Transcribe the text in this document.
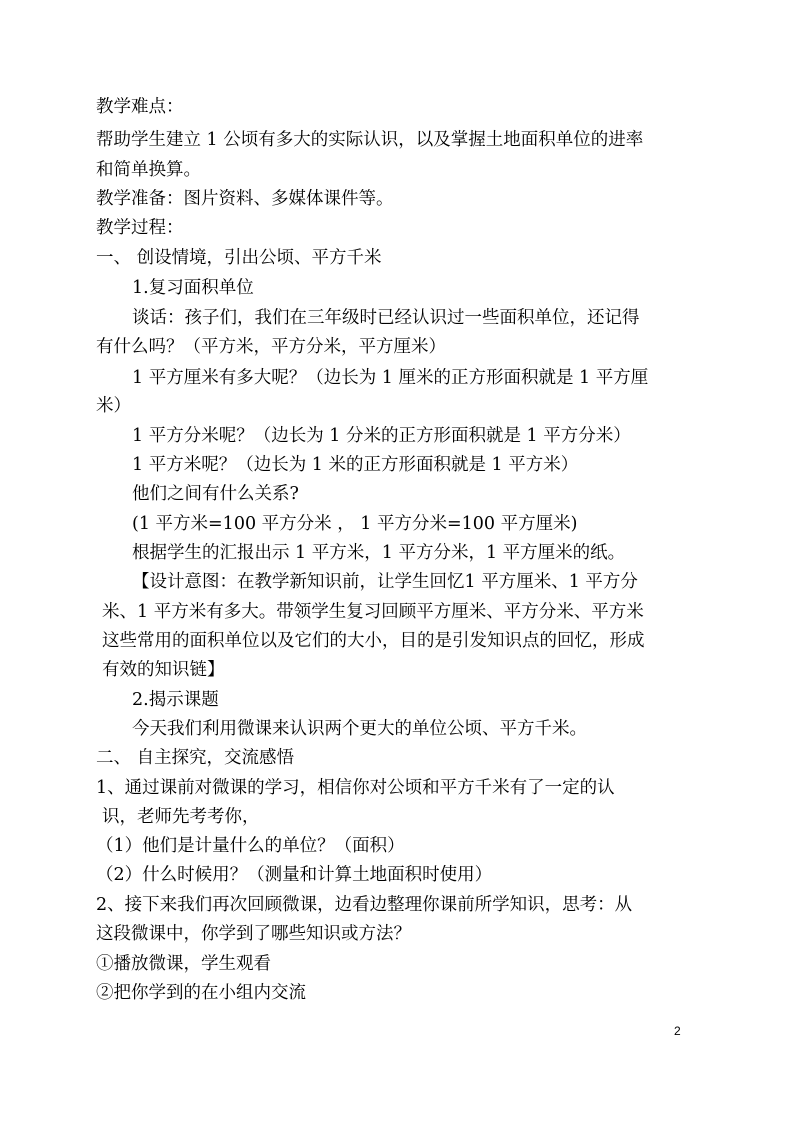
教学难点：
帮助学生建立 1 公顷有多大的实际认识，以及掌握土地面积单位的进率
和简单换算。
教学准备：图片资料、多媒体课件等。
教学过程：
一、 创设情境，引出公顷、平方千米
1.复习面积单位
谈话：孩子们，我们在三年级时已经认识过一些面积单位，还记得
有什么吗？（平方米，平方分米，平方厘米）
1 平方厘米有多大呢？（边长为 1 厘米的正方形面积就是 1 平方厘
米）
1 平方分米呢？（边长为 1 分米的正方形面积就是 1 平方分米）
1 平方米呢？（边长为 1 米的正方形面积就是 1 平方米）
他们之间有什么关系?
(1 平方米=100 平方分米 ， 1 平方分米=100 平方厘米)
根据学生的汇报出示 1 平方米，1 平方分米，1 平方厘米的纸。
【设计意图：在教学新知识前，让学生回忆1 平方厘米、1 平方分
米、1 平方米有多大。带领学生复习回顾平方厘米、平方分米、平方米
这些常用的面积单位以及它们的大小，目的是引发知识点的回忆，形成
有效的知识链】
2.揭示课题
今天我们利用微课来认识两个更大的单位公顷、平方千米。
二、 自主探究，交流感悟
1、通过课前对微课的学习，相信你对公顷和平方千米有了一定的认
识，老师先考考你，
（1）他们是计量什么的单位？（面积）
（2）什么时候用？（测量和计算土地面积时使用）
2、接下来我们再次回顾微课，边看边整理你课前所学知识，思考：从
这段微课中，你学到了哪些知识或方法？
①播放微课，学生观看
②把你学到的在小组内交流
2
